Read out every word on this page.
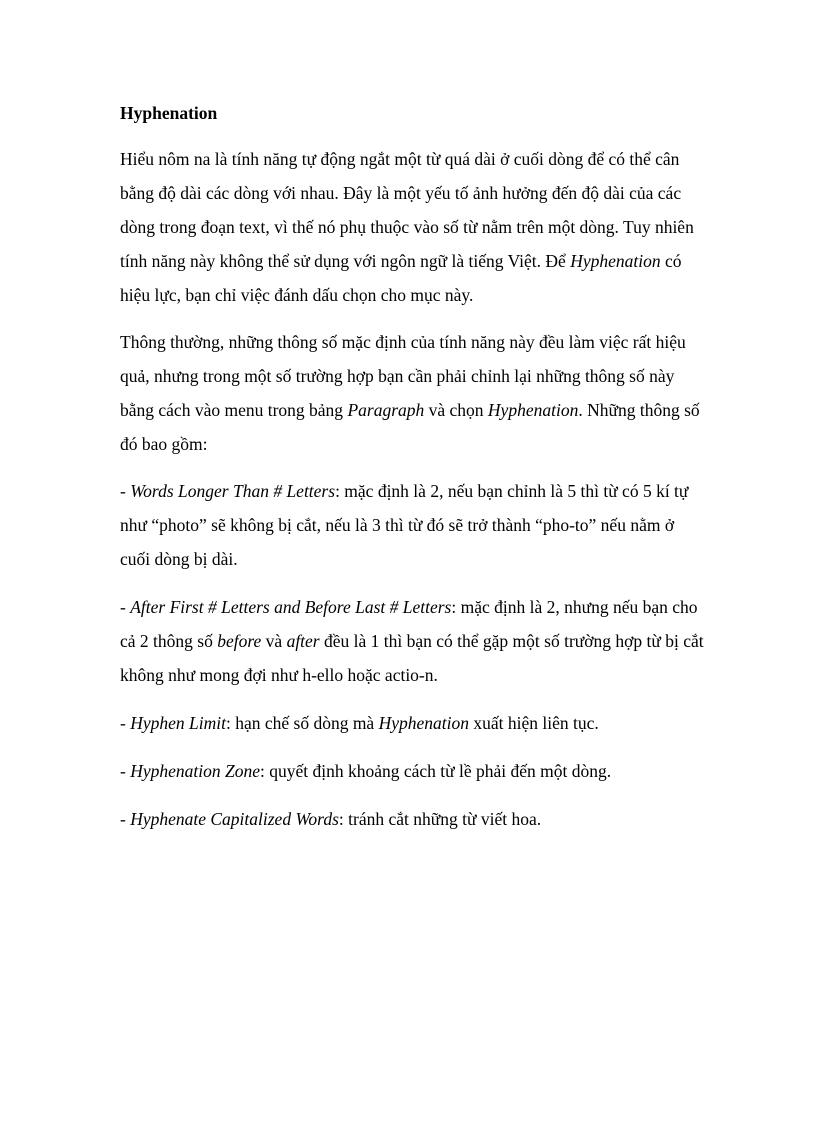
Hyphenation

Hiểu nôm na là tính năng tự động ngắt một từ quá dài ở cuối dòng để có thể cân bằng độ dài các dòng với nhau. Đây là một yếu tố ảnh hưởng đến độ dài của các dòng trong đoạn text, vì thế nó phụ thuộc vào số từ nằm trên một dòng. Tuy nhiên tính năng này không thể sử dụng với ngôn ngữ là tiếng Việt. Để Hyphenation có hiệu lực, bạn chỉ việc đánh dấu chọn cho mục này.

Thông thường, những thông số mặc định của tính năng này đều làm việc rất hiệu quả, nhưng trong một số trường hợp bạn cần phải chỉnh lại những thông số này bằng cách vào menu trong bảng Paragraph và chọn Hyphenation. Những thông số đó bao gồm:

- Words Longer Than # Letters: mặc định là 2, nếu bạn chỉnh là 5 thì từ có 5 kí tự như “photo” sẽ không bị cắt, nếu là 3 thì từ đó sẽ trở thành “pho-to” nếu nằm ở cuối dòng bị dài.

- After First # Letters and Before Last # Letters: mặc định là 2, nhưng nếu bạn cho cả 2 thông số before và after đều là 1 thì bạn có thể gặp một số trường hợp từ bị cắt không như mong đợi như h-ello hoặc actio-n.

- Hyphen Limit: hạn chế số dòng mà Hyphenation xuất hiện liên tục.

- Hyphenation Zone: quyết định khoảng cách từ lề phải đến một dòng.

- Hyphenate Capitalized Words: tránh cắt những từ viết hoa.
